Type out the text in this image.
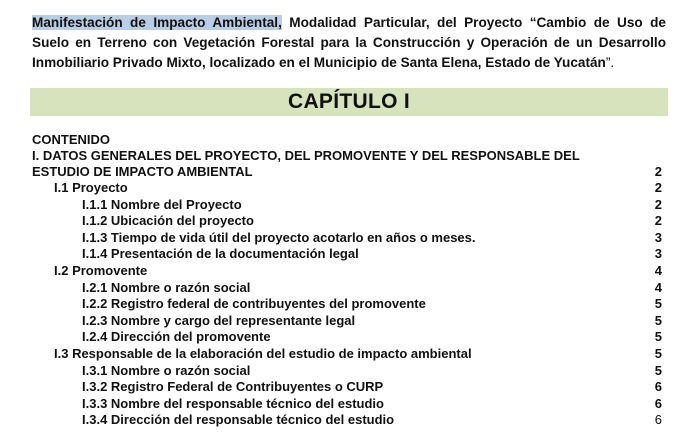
Manifestación de Impacto Ambiental, Modalidad Particular, del Proyecto “Cambio de Uso de Suelo en Terreno con Vegetación Forestal para la Construcción y Operación de un Desarrollo Inmobiliario Privado Mixto, localizado en el Municipio de Santa Elena, Estado de Yucatán”.
CAPÍTULO I
CONTENIDO
I. DATOS GENERALES DEL PROYECTO, DEL PROMOVENTE Y DEL RESPONSABLE DEL
ESTUDIO DE IMPACTO AMBIENTAL	2
I.1 Proyecto	2
I.1.1 Nombre del Proyecto	2
I.1.2 Ubicación del proyecto	2
I.1.3 Tiempo de vida útil del proyecto acotarlo en años o meses.	3
I.1.4 Presentación de la documentación legal	3
I.2 Promovente	4
I.2.1 Nombre o razón social	4
I.2.2 Registro federal de contribuyentes del promovente	5
I.2.3 Nombre y cargo del representante legal	5
I.2.4 Dirección del promovente	5
I.3 Responsable de la elaboración del estudio de impacto ambiental	5
I.3.1 Nombre o razón social	5
I.3.2 Registro Federal de Contribuyentes o CURP	6
I.3.3 Nombre del responsable técnico del estudio	6
I.3.4 Dirección del responsable técnico del estudio	6
